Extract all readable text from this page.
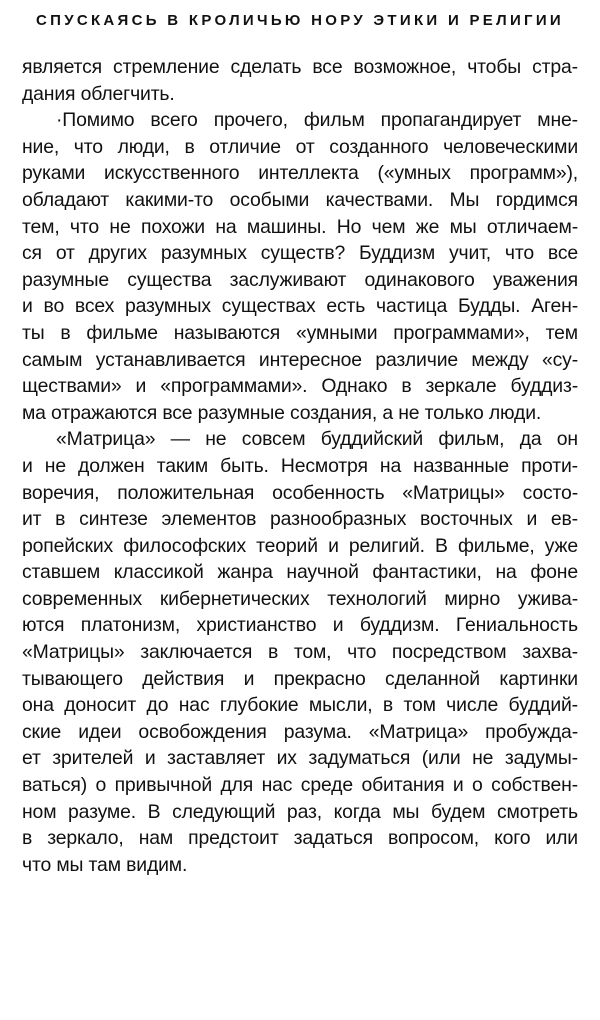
СПУСКАЯСЬ В КРОЛИЧЬЮ НОРУ ЭТИКИ И РЕЛИГИИ
является стремление сделать все возможное, чтобы стра-
дания облегчить.
·Помимо всего прочего, фильм пропагандирует мне-
ние, что люди, в отличие от созданного человеческими
руками искусственного интеллекта («умных программ»),
обладают какими-то особыми качествами. Мы гордимся
тем, что не похожи на машины. Но чем же мы отличаем-
ся от других разумных существ? Буддизм учит, что все
разумные существа заслуживают одинакового уважения
и во всех разумных существах есть частица Будды. Аген-
ты в фильме называются «умными программами», тем
самым устанавливается интересное различие между «су-
ществами» и «программами». Однако в зеркале буддиз-
ма отражаются все разумные создания, а не только люди.
«Матрица» — не совсем буддийский фильм, да он
и не должен таким быть. Несмотря на названные проти-
воречия, положительная особенность «Матрицы» состо-
ит в синтезе элементов разнообразных восточных и ев-
ропейских философских теорий и религий. В фильме, уже
ставшем классикой жанра научной фантастики, на фоне
современных кибернетических технологий мирно ужива-
ются платонизм, христианство и буддизм. Гениальность
«Матрицы» заключается в том, что посредством захва-
тывающего действия и прекрасно сделанной картинки
она доносит до нас глубокие мысли, в том числе буддий-
ские идеи освобождения разума. «Матрица» пробужда-
ет зрителей и заставляет их задуматься (или не задумы-
ваться) о привычной для нас среде обитания и о собствен-
ном разуме. В следующий раз, когда мы будем смотреть
в зеркало, нам предстоит задаться вопросом, кого или
что мы там видим.
